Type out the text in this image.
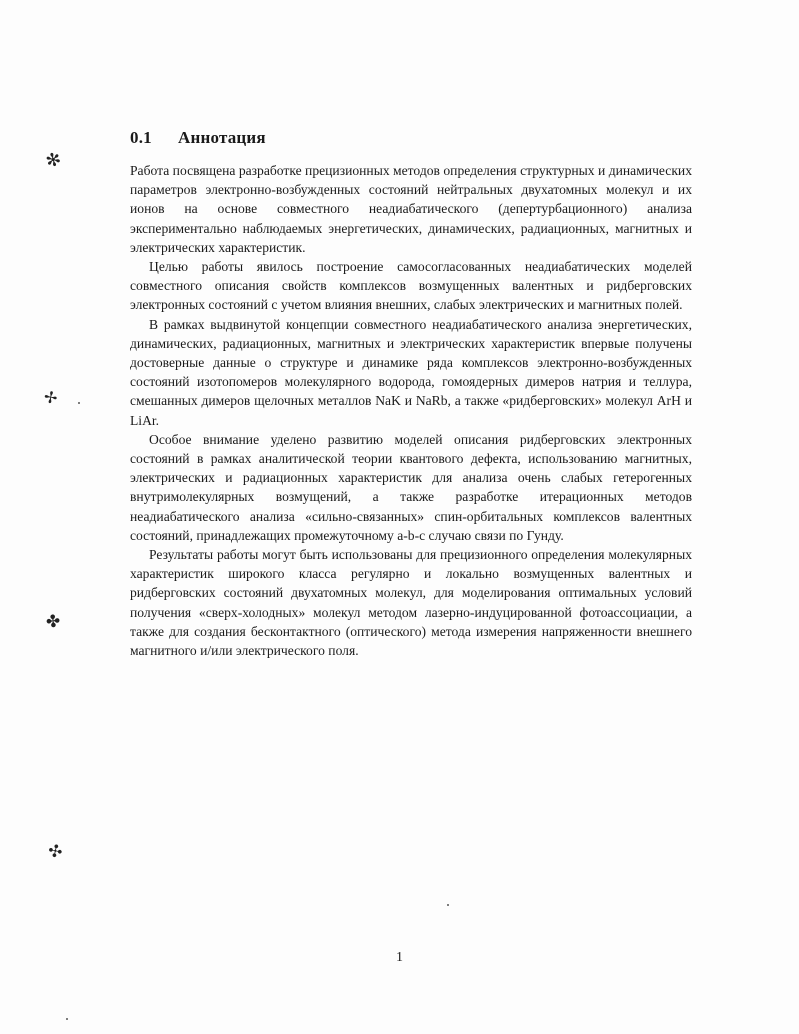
0.1 Аннотация

Работа посвящена разработке прецизионных методов определения структурных и динамических параметров электронно-возбужденных состояний нейтральных двухатомных молекул и их ионов на основе совместного неадиабатического (депертурбационного) анализа экспериментально наблюдаемых энергетических, динамических, радиационных, магнитных и электрических характеристик.

Целью работы явилось построение самосогласованных неадиабатических моделей совместного описания свойств комплексов возмущенных валентных и ридберговских электронных состояний с учетом влияния внешних, слабых электрических и магнитных полей.

В рамках выдвинутой концепции совместного неадиабатического анализа энергетических, динамических, радиационных, магнитных и электрических характеристик впервые получены достоверные данные о структуре и динамике ряда комплексов электронно-возбужденных состояний изотопомеров молекулярного водорода, гомоядерных димеров натрия и теллура, смешанных димеров щелочных металлов NaK и NaRb, а также «ридберговских» молекул ArH и LiAr.

Особое внимание уделено развитию моделей описания ридберговских электронных состояний в рамках аналитической теории квантового дефекта, использованию магнитных, электрических и радиационных характеристик для анализа очень слабых гетерогенных внутримолекулярных возмущений, а также разработке итерационных методов неадиабатического анализа «сильно-связанных» спин-орбитальных комплексов валентных состояний, принадлежащих промежуточному a-b-c случаю связи по Гунду.

Результаты работы могут быть использованы для прецизионного определения молекулярных характеристик широкого класса регулярно и локально возмущенных валентных и ридберговских состояний двухатомных молекул, для моделирования оптимальных условий получения «сверх-холодных» молекул методом лазерно-индуцированной фотоассоциации, а также для создания бесконтактного (оптического) метода измерения напряженности внешнего магнитного и/или электрического поля.

1
✻
✢
✤
✣
